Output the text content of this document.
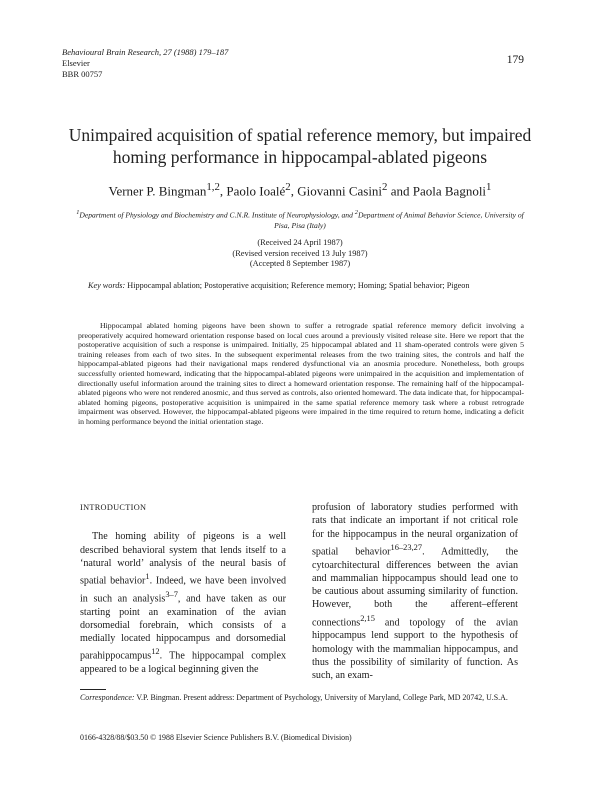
Behavioural Brain Research, 27 (1988) 179–187
Elsevier
BBR 00757
179
Unimpaired acquisition of spatial reference memory, but impaired homing performance in hippocampal-ablated pigeons
Verner P. Bingman$^{1,2}$, Paolo Ioalé$^2$, Giovanni Casini$^2$ and Paola Bagnoli$^1$
$^1$Department of Physiology and Biochemistry and C.N.R. Institute of Neurophysiology, and $^2$Department of Animal Behavior Science, University of Pisa, Pisa (Italy)
(Received 24 April 1987)
(Revised version received 13 July 1987)
(Accepted 8 September 1987)
Key words: Hippocampal ablation; Postoperative acquisition; Reference memory; Homing; Spatial behavior; Pigeon

Hippocampal ablated homing pigeons have been shown to suffer a retrograde spatial reference memory deficit involving a preoperatively acquired homeward orientation response based on local cues around a previously visited release site. Here we report that the postoperative acquisition of such a response is unimpaired. Initially, 25 hippocampal ablated and 11 sham-operated controls were given 5 training releases from each of two sites. In the subsequent experimental releases from the two training sites, the controls and half the hippocampal-ablated pigeons had their navigational maps rendered dysfunctional via an anosmia procedure. Nonetheless, both groups successfully oriented homeward, indicating that the hippocampal-ablated pigeons were unimpaired in the acquisition and implementation of directionally useful information around the training sites to direct a homeward orientation response. The remaining half of the hippocampal-ablated pigeons who were not rendered anosmic, and thus served as controls, also oriented homeward. The data indicate that, for hippocampal-ablated homing pigeons, postoperative acquisition is unimpaired in the same spatial reference memory task where a robust retrograde impairment was observed. However, the hippocampal-ablated pigeons were impaired in the time required to return home, indicating a deficit in homing performance beyond the initial orientation stage.

INTRODUCTION

The homing ability of pigeons is a well described behavioral system that lends itself to a ‘natural world’ analysis of the neural basis of spatial behavior$^1$. Indeed, we have been involved in such an analysis$^{3-7}$, and have taken as our starting point an examination of the avian dorsomedial forebrain, which consists of a medially located hippocampus and dorsomedial parahippocampus$^{12}$. The hippocampal complex appeared to be a logical beginning given the

profusion of laboratory studies performed with rats that indicate an important if not critical role for the hippocampus in the neural organization of spatial behavior$^{16-23,27}$. Admittedly, the cytoarchitectural differences between the avian and mammalian hippocampus should lead one to be cautious about assuming similarity of function. However, both the afferent–efferent connections$^{2,15}$ and topology of the avian hippocampus lend support to the hypothesis of homology with the mammalian hippocampus, and thus the possibility of similarity of function. As such, an exam-

Correspondence: V.P. Bingman. Present address: Department of Psychology, University of Maryland, College Park, MD 20742, U.S.A.
0166-4328/88/$03.50 © 1988 Elsevier Science Publishers B.V. (Biomedical Division)
